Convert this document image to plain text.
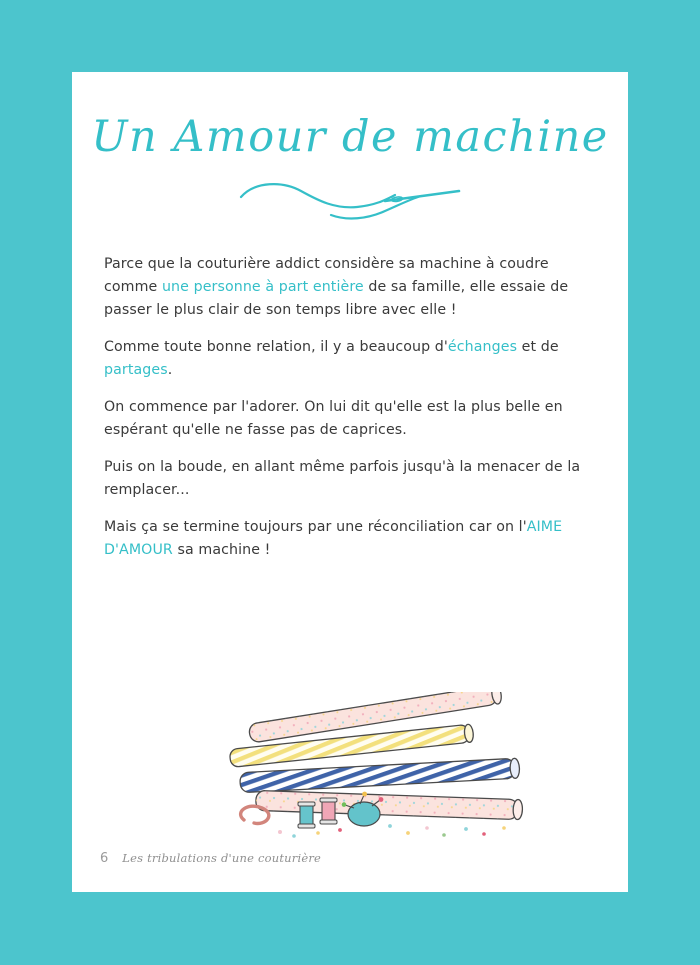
Un Amour de machine

Parce que la couturière addict considère sa machine à coudre comme une personne à part entière de sa famille, elle essaie de passer le plus clair de son temps libre avec elle !

Comme toute bonne relation, il y a beaucoup d'échanges et de partages.

On commence par l'adorer. On lui dit qu'elle est la plus belle en espérant qu'elle ne fasse pas de caprices.

Puis on la boude, en allant même parfois jusqu'à la menacer de la remplacer...

Mais ça se termine toujours par une réconciliation car on l'AIME D'AMOUR sa machine !

6 Les tribulations d'une couturière
